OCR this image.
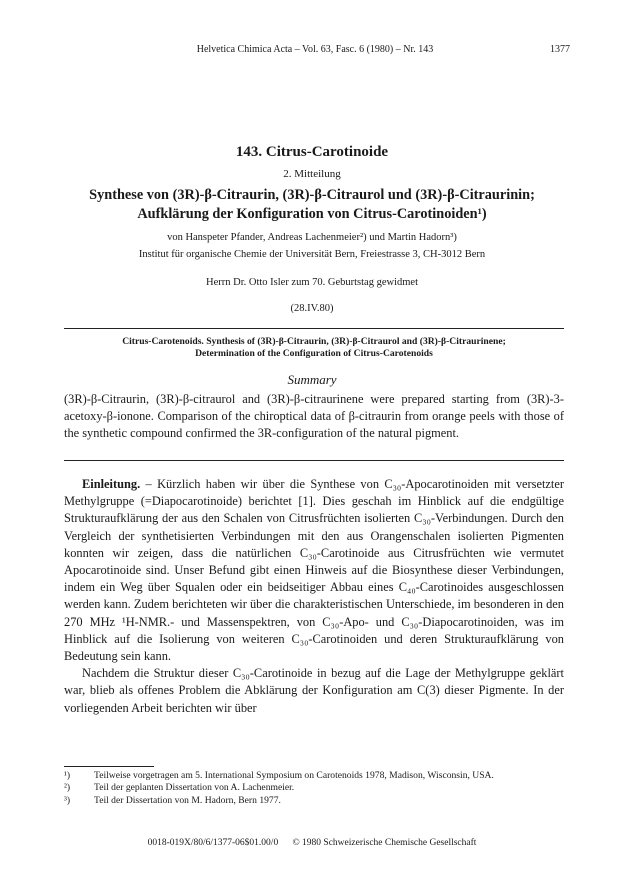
Helvetica Chimica Acta – Vol. 63, Fasc. 6 (1980) – Nr. 143	1377
143. Citrus-Carotinoide
2. Mitteilung
Synthese von (3R)-β-Citraurin, (3R)-β-Citraurol und (3R)-β-Citraurinin;
Aufklärung der Konfiguration von Citrus-Carotinoiden¹)
von Hanspeter Pfander, Andreas Lachenmeier²) und Martin Hadorn³)
Institut für organische Chemie der Universität Bern, Freiestrasse 3, CH-3012 Bern
Herrn Dr. Otto Isler zum 70. Geburtstag gewidmet
(28.IV.80)
Citrus-Carotenoids. Synthesis of (3R)-β-Citraurin, (3R)-β-Citraurol and (3R)-β-Citraurinene;
Determination of the Configuration of Citrus-Carotenoids
Summary
(3R)-β-Citraurin, (3R)-β-citraurol and (3R)-β-citraurinene were prepared starting from (3R)-3-acetoxy-β-ionone. Comparison of the chiroptical data of β-citraurin from orange peels with those of the synthetic compound confirmed the 3R-configuration of the natural pigment.

Einleitung. – Kürzlich haben wir über die Synthese von C₃₀-Apocarotinoiden mit versetzter Methylgruppe (=Diapocarotinoide) berichtet [1]. Dies geschah im Hinblick auf die endgültige Strukturaufklärung der aus den Schalen von Citrusfrüchten isolierten C₃₀-Verbindungen. Durch den Vergleich der synthetisierten Verbindungen mit den aus Orangenschalen isolierten Pigmenten konnten wir zeigen, dass die natürlichen C₃₀-Carotinoide aus Citrusfrüchten wie vermutet Apocarotinoide sind. Unser Befund gibt einen Hinweis auf die Biosynthese dieser Verbindungen, indem ein Weg über Squalen oder ein beidseitiger Abbau eines C₄₀-Carotinoides ausgeschlossen werden kann. Zudem berichteten wir über die charakteristischen Unterschiede, im besonderen in den 270 MHz ¹H-NMR.- und Massenspektren, von C₃₀-Apo- und C₃₀-Diapocarotinoiden, was im Hinblick auf die Isolierung von weiteren C₃₀-Carotinoiden und deren Strukturaufklärung von Bedeutung sein kann.

Nachdem die Struktur dieser C₃₀-Carotinoide in bezug auf die Lage der Methylgruppe geklärt war, blieb als offenes Problem die Abklärung der Konfiguration am C(3) dieser Pigmente. In der vorliegenden Arbeit berichten wir über

¹) Teilweise vorgetragen am 5. International Symposium on Carotenoids 1978, Madison, Wisconsin, USA.
²) Teil der geplanten Dissertation von A. Lachenmeier.
³) Teil der Dissertation von M. Hadorn, Bern 1977.
0018-019X/80/6/1377-06$01.00/0 © 1980 Schweizerische Chemische Gesellschaft
